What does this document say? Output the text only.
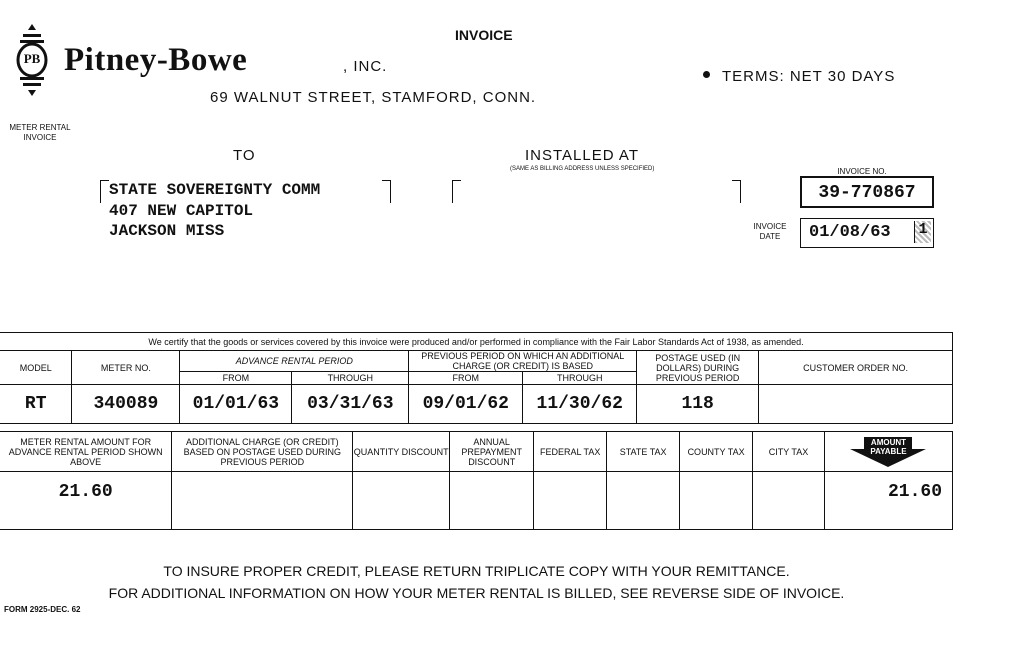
PB Pitney-Bowe	, INC.
INVOICE
69 WALNUT STREET, STAMFORD, CONN.
TERMS: NET 30 DAYS
METER RENTAL INVOICE
TO	INSTALLED AT
(SAME AS BILLING ADDRESS UNLESS SPECIFIED)
STATE SOVEREIGNTY COMM
407 NEW CAPITOL
JACKSON MISS
INVOICE NO.
39-770867
INVOICE DATE	01/08/63 1
We certify that the goods or services covered by this invoice were produced and/or performed in compliance with the Fair Labor Standards Act of 1938, as amended.							
MODEL	METER NO.	ADVANCE RENTAL PERIOD		PREVIOUS PERIOD ON WHICH AN ADDITIONAL CHARGE (OR CREDIT) IS BASED		POSTAGE USED (IN DOLLARS) DURING PREVIOUS PERIOD	CUSTOMER ORDER NO.
		FROM	THROUGH	FROM	THROUGH		
RT	340089	01/01/63	03/31/63	09/01/62	11/30/62	118	
METER RENTAL AMOUNT FOR ADVANCE RENTAL PERIOD SHOWN ABOVE	ADDITIONAL CHARGE (OR CREDIT) BASED ON POSTAGE USED DURING PREVIOUS PERIOD	QUANTITY DISCOUNT	ANNUAL PREPAYMENT DISCOUNT	FEDERAL TAX	STATE TAX	COUNTY TAX	CITY TAX	AMOUNT PAYABLE

21.60								21.60
TO INSURE PROPER CREDIT, PLEASE RETURN TRIPLICATE COPY WITH YOUR REMITTANCE.
FOR ADDITIONAL INFORMATION ON HOW YOUR METER RENTAL IS BILLED, SEE REVERSE SIDE OF INVOICE.
FORM 2925-DEC. 62
